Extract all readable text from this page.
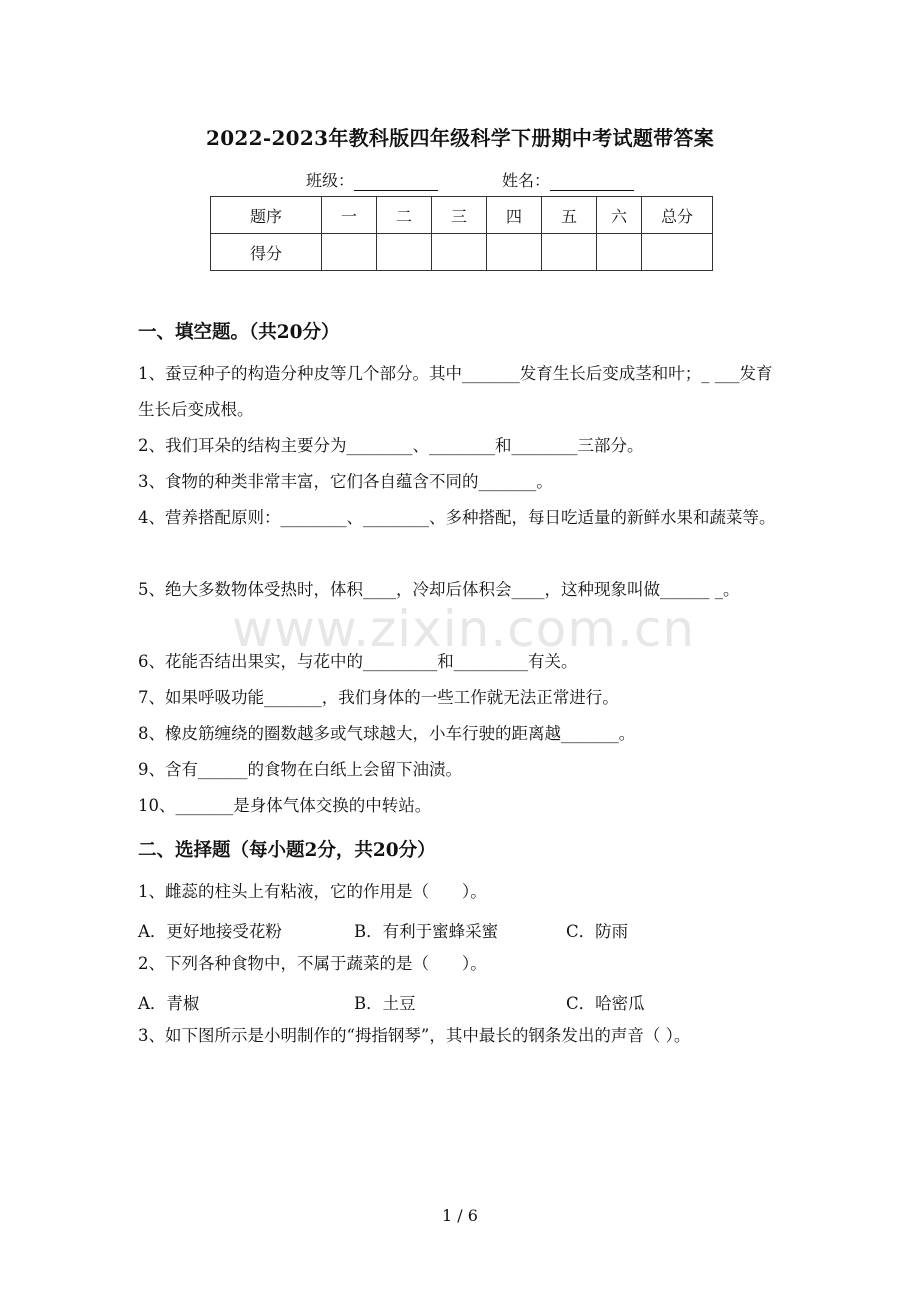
2022-2023年教科版四年级科学下册期中考试题带答案
班级：	姓名：
题序	一	二	三	四	五	六	总分
得分							
一、填空题。（共20分）
1、蚕豆种子的构造分种皮等几个部分。其中_______发育生长后变成茎和叶；_ ___发育生长后变成根。
2、我们耳朵的结构主要分为________、________和________三部分。
3、食物的种类非常丰富，它们各自蕴含不同的_______。
4、营养搭配原则：________、________、多种搭配，每日吃适量的新鲜水果和蔬菜等。
5、绝大多数物体受热时，体积____，冷却后体积会____，这种现象叫做______ _。
6、花能否结出果实，与花中的_________和_________有关。
7、如果呼吸功能_______，我们身体的一些工作就无法正常进行。
8、橡皮筋缠绕的圈数越多或气球越大，小车行驶的距离越_______。
9、含有______的食物在白纸上会留下油渍。
10、_______是身体气体交换的中转站。
二、选择题（每小题2分，共20分）
1、雌蕊的柱头上有粘液，它的作用是（　　）。
A．更好地接受花粉	B．有利于蜜蜂采蜜	C．防雨
2、下列各种食物中，不属于蔬菜的是（　　）。
A．青椒	B．土豆	C．哈密瓜
3、如下图所示是小明制作的“拇指钢琴”，其中最长的钢条发出的声音（ ）。
www.zixin.com.cn
1 / 6
